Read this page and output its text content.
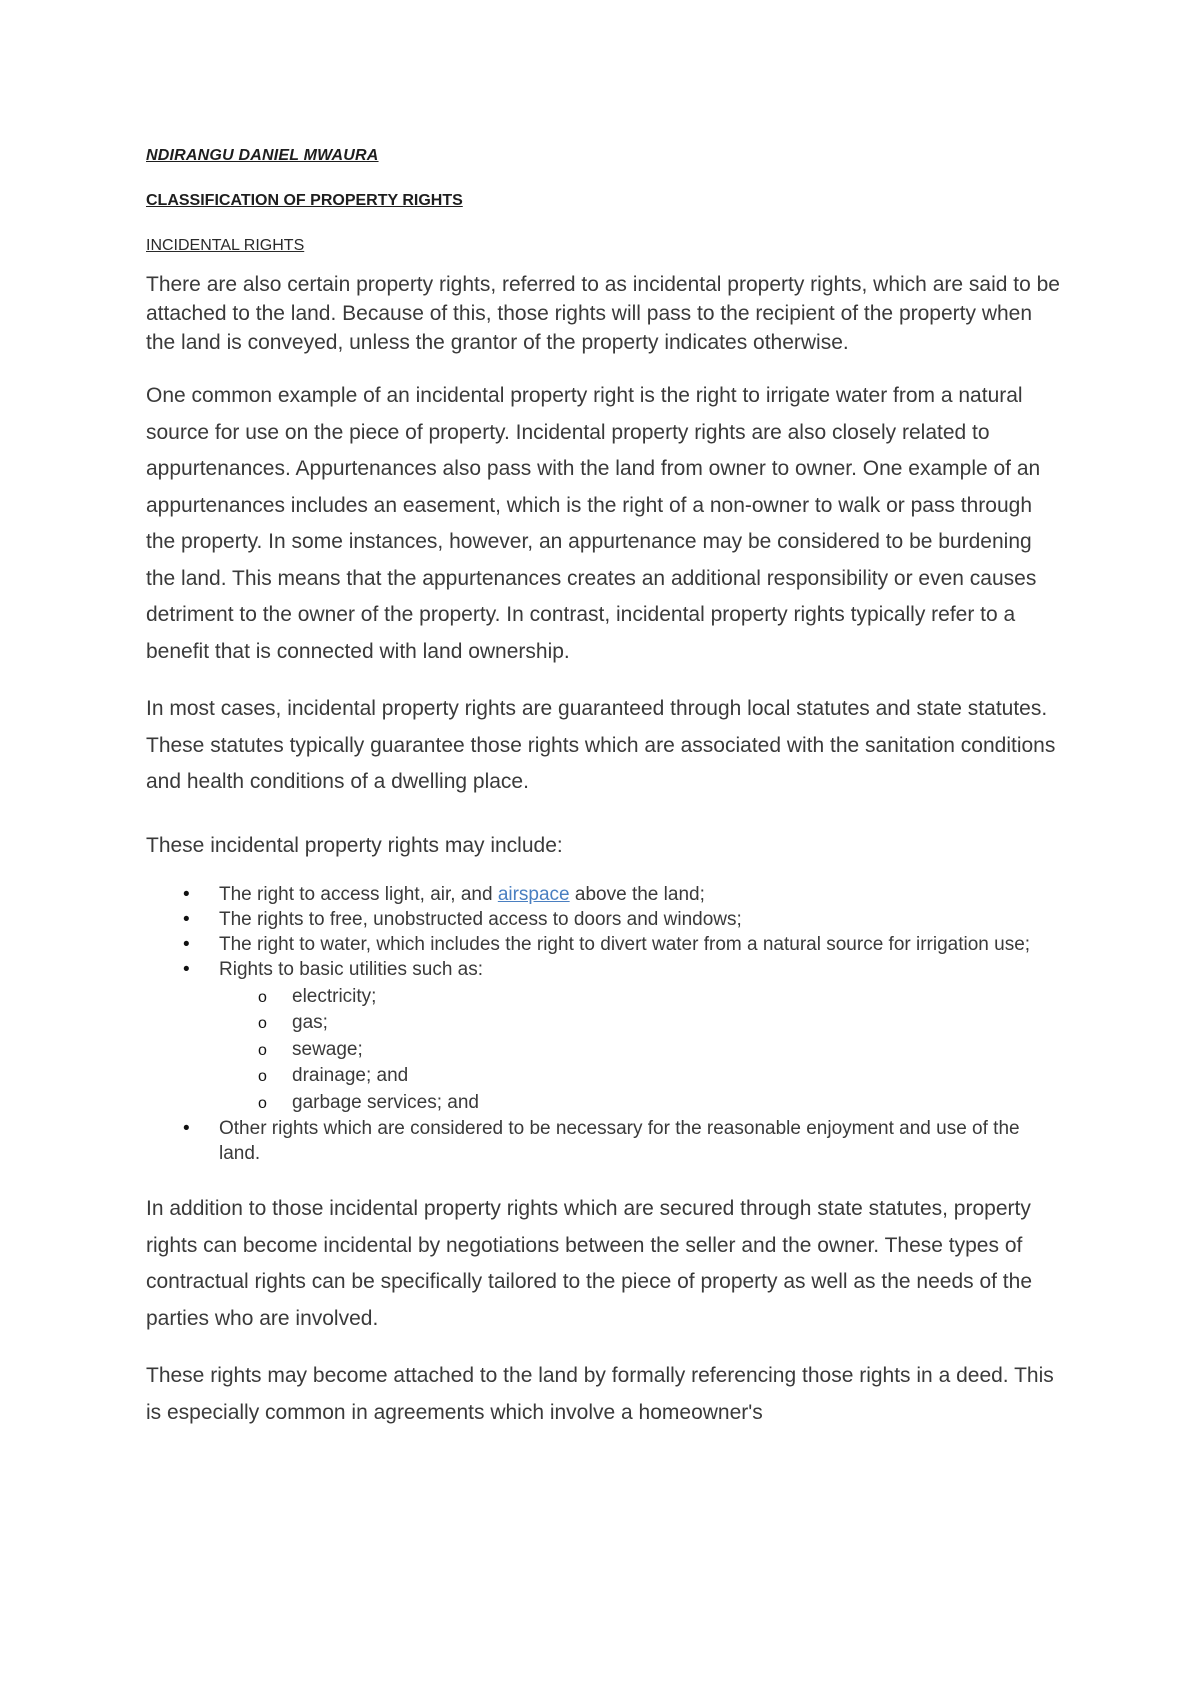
NDIRANGU DANIEL MWAURA

CLASSIFICATION OF PROPERTY RIGHTS

INCIDENTAL RIGHTS

There are also certain property rights, referred to as incidental property rights, which are said to be attached to the land. Because of this, those rights will pass to the recipient of the property when the land is conveyed, unless the grantor of the property indicates otherwise.

One common example of an incidental property right is the right to irrigate water from a natural source for use on the piece of property. Incidental property rights are also closely related to appurtenances. Appurtenances also pass with the land from owner to owner. One example of an appurtenances includes an easement, which is the right of a non-owner to walk or pass through the property. In some instances, however, an appurtenance may be considered to be burdening the land. This means that the appurtenances creates an additional responsibility or even causes detriment to the owner of the property. In contrast, incidental property rights typically refer to a benefit that is connected with land ownership.

In most cases, incidental property rights are guaranteed through local statutes and state statutes. These statutes typically guarantee those rights which are associated with the sanitation conditions and health conditions of a dwelling place.

These incidental property rights may include:

•	The right to access light, air, and airspace above the land;
•	The rights to free, unobstructed access to doors and windows;
•	The right to water, which includes the right to divert water from a natural source for irrigation use;
•	Rights to basic utilities such as:
o electricity;
o gas;
o sewage;
o drainage; and
o garbage services; and
•	Other rights which are considered to be necessary for the reasonable enjoyment and use of the land.

In addition to those incidental property rights which are secured through state statutes, property rights can become incidental by negotiations between the seller and the owner. These types of contractual rights can be specifically tailored to the piece of property as well as the needs of the parties who are involved.

These rights may become attached to the land by formally referencing those rights in a deed. This is especially common in agreements which involve a homeowner's
